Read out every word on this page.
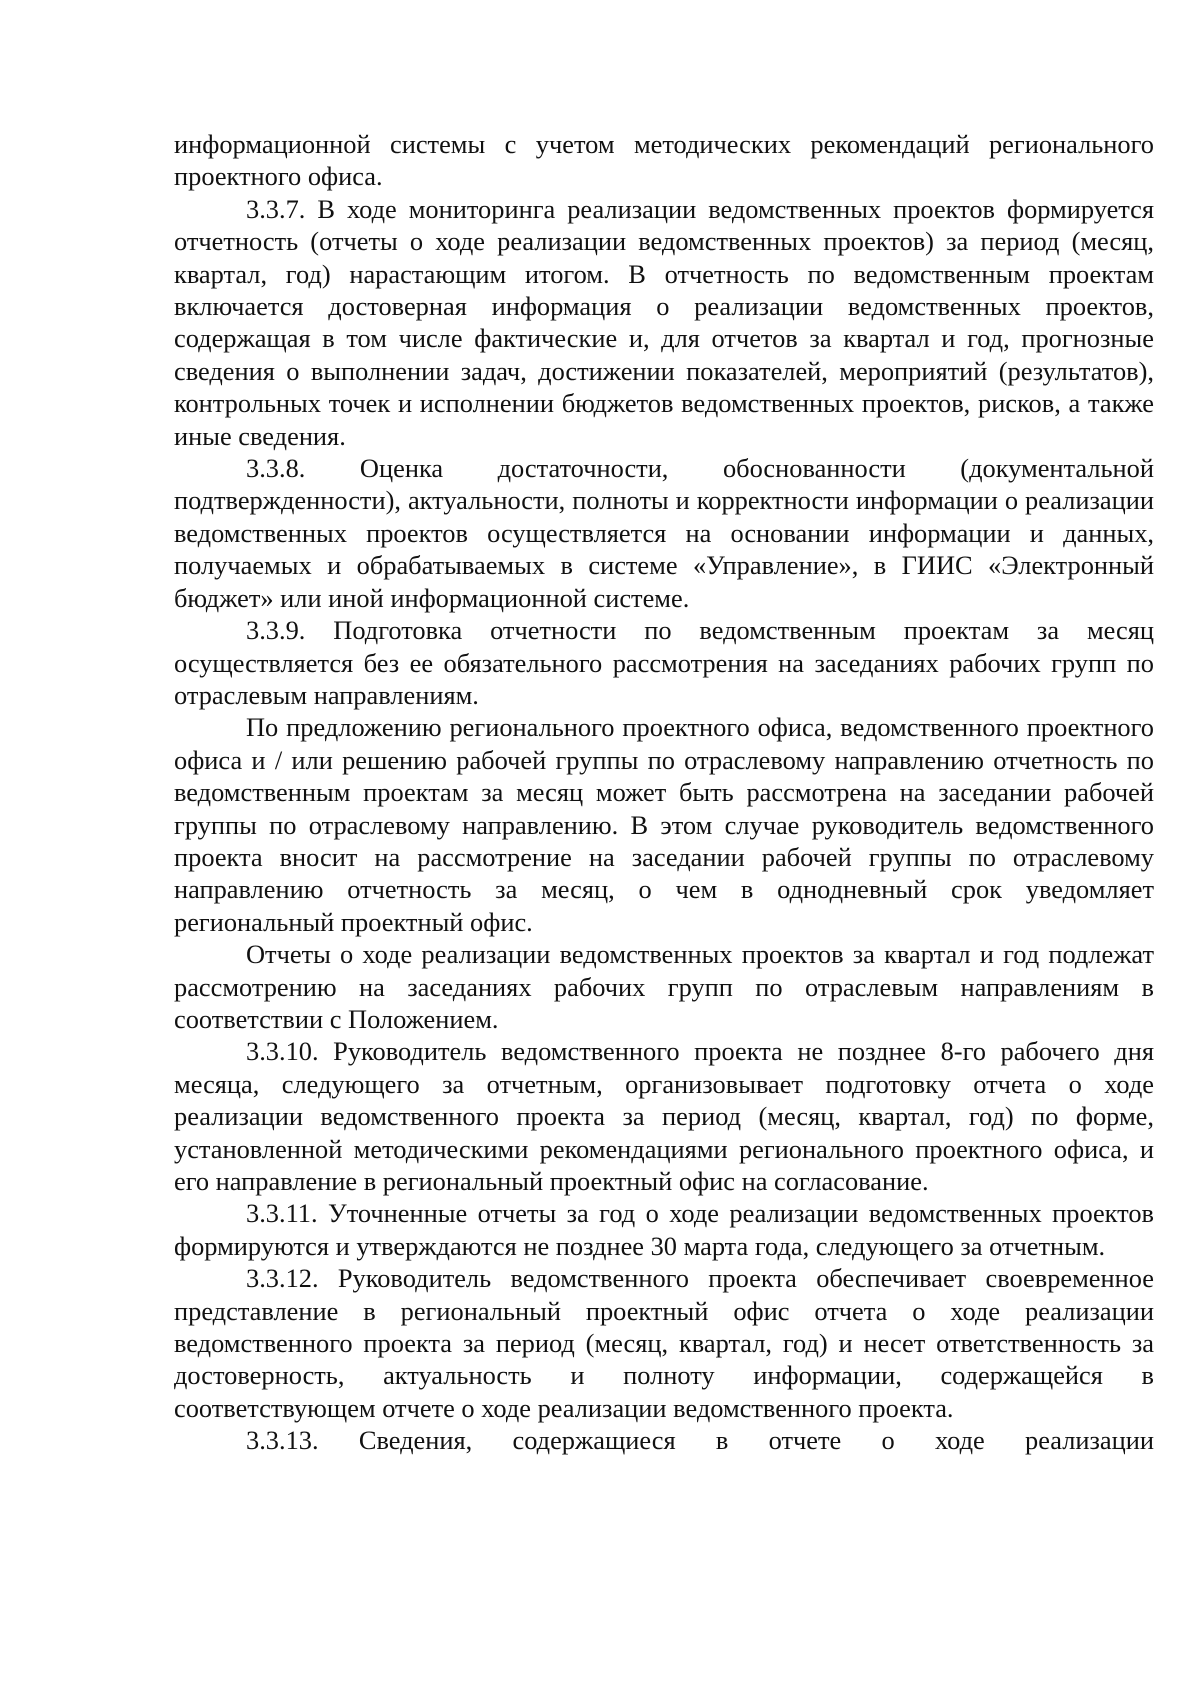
информационной системы с учетом методических рекомендаций регионального проектного офиса.

3.3.7. В ходе мониторинга реализации ведомственных проектов формируется отчетность (отчеты о ходе реализации ведомственных проектов) за период (месяц, квартал, год) нарастающим итогом. В отчетность по ведомственным проектам включается достоверная информация о реализации ведомственных проектов, содержащая в том числе фактические и, для отчетов за квартал и год, прогнозные сведения о выполнении задач, достижении показателей, мероприятий (результатов), контрольных точек и исполнении бюджетов ведомственных проектов, рисков, а также иные сведения.

3.3.8. Оценка достаточности, обоснованности (документальной подтвержденности), актуальности, полноты и корректности информации о реализации ведомственных проектов осуществляется на основании информации и данных, получаемых и обрабатываемых в системе «Управление», в ГИИС «Электронный бюджет» или иной информационной системе.

3.3.9. Подготовка отчетности по ведомственным проектам за месяц осуществляется без ее обязательного рассмотрения на заседаниях рабочих групп по отраслевым направлениям.

По предложению регионального проектного офиса, ведомственного проектного офиса и / или решению рабочей группы по отраслевому направлению отчетность по ведомственным проектам за месяц может быть рассмотрена на заседании рабочей группы по отраслевому направлению. В этом случае руководитель ведомственного проекта вносит на рассмотрение на заседании рабочей группы по отраслевому направлению отчетность за месяц, о чем в однодневный срок уведомляет региональный проектный офис.

Отчеты о ходе реализации ведомственных проектов за квартал и год подлежат рассмотрению на заседаниях рабочих групп по отраслевым направлениям в соответствии с Положением.

3.3.10. Руководитель ведомственного проекта не позднее 8-го рабочего дня месяца, следующего за отчетным, организовывает подготовку отчета о ходе реализации ведомственного проекта за период (месяц, квартал, год) по форме, установленной методическими рекомендациями регионального проектного офиса, и его направление в региональный проектный офис на согласование.

3.3.11. Уточненные отчеты за год о ходе реализации ведомственных проектов формируются и утверждаются не позднее 30 марта года, следующего за отчетным.

3.3.12. Руководитель ведомственного проекта обеспечивает своевременное представление в региональный проектный офис отчета о ходе реализации ведомственного проекта за период (месяц, квартал, год) и несет ответственность за достоверность, актуальность и полноту информации, содержащейся в соответствующем отчете о ходе реализации ведомственного проекта.

3.3.13. Сведения, содержащиеся в отчете о ходе реализации
